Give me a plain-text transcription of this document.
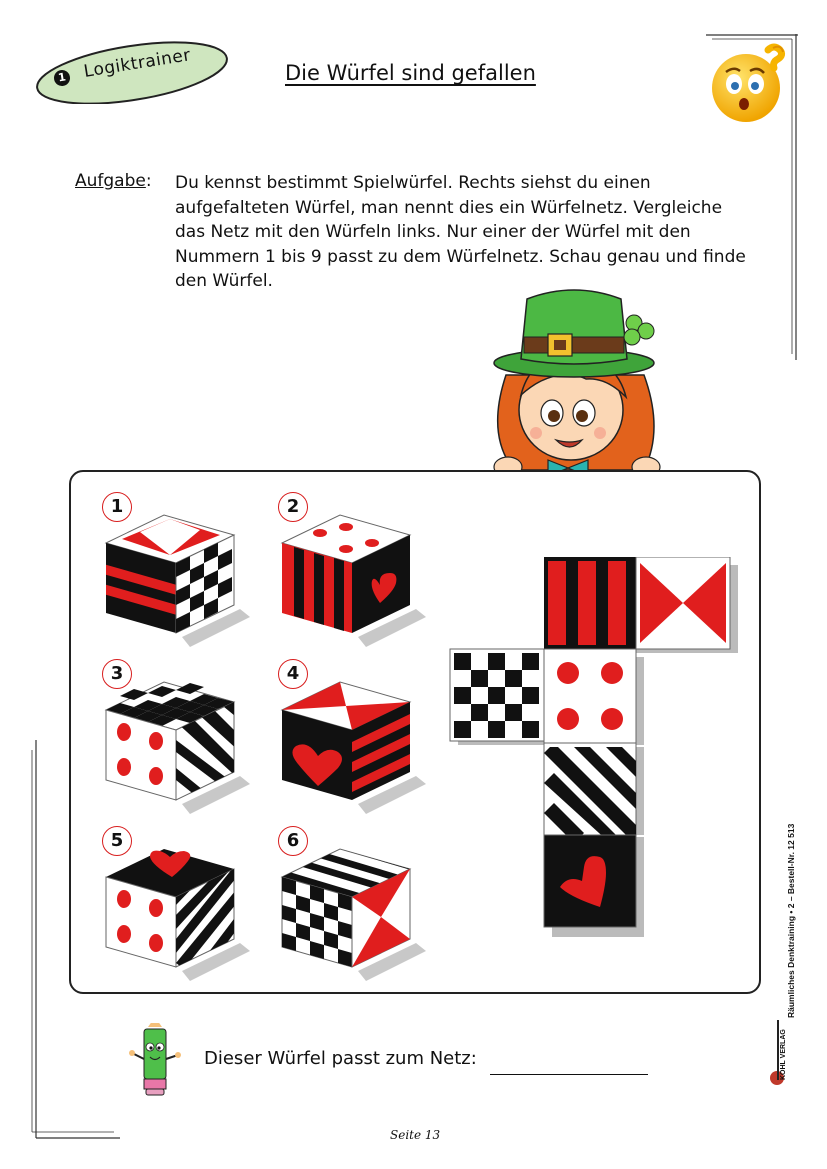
1 Logiktrainer	Die Würfel sind gefallen
Aufgabe: Du kennst bestimmt Spielwürfel. Rechts siehst du einen aufgefalteten Würfel, man nennt dies ein Würfelnetz. Vergleiche das Netz mit den Würfeln links. Nur einer der Würfel mit den Nummern 1 bis 9 passt zu dem Würfelnetz. Schau genau und finde den Würfel.
1	2
3	4
5	6	Räumliches Denktraining • 2 – Bestell-Nr. 12 513
KOHL VERLAG
Dieser Würfel passt zum Netz:
Seite 13
